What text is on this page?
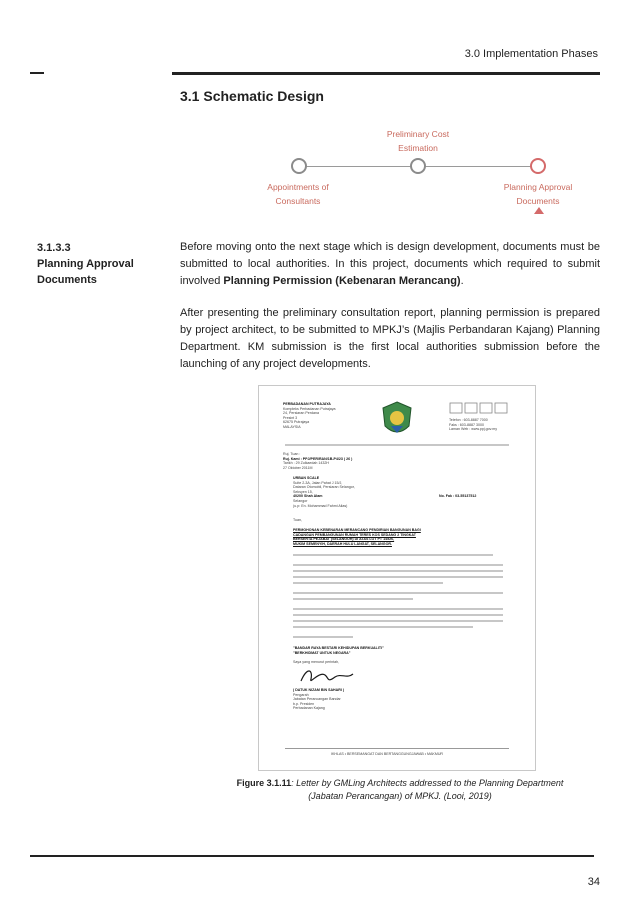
3.0 Implementation Phases
3.1 Schematic Design
Preliminary Cost
Estimation
Appointments of
Consultants
Planning Approval
Documents
3.1.3.3
Planning Approval
Documents
Before moving onto the next stage which is design development, documents must be submitted to local authorities. In this project, documents which required to submit involved Planning Permission (Kebenaran Merancang).
After presenting the preliminary consultation report, planning permission is prepared by project architect, to be submitted to MPKJ’s (Majlis Perbandaran Kajang) Planning Department. KM submission is the first local authorities submission before the launching of any project developments.
PERBADANAN PUTRAJAYA
Kompleks Perbadanan Putrajaya
24, Persiaran Perdana
Presint 3
62675 Putrajaya
MALAYSIA
Telefon : 603-8887 7000
Faks : 603-8887 3000
Laman Web : www.ppj.gov.my
Ruj. Tuan :
Ruj. Kami : PPJ/PER/RAN/1B-P4/23 ( 26 )
Tarikh : 29 Zulkaedah 1432H
27 Oktober 2011M
URBAN SCALE
Suite 2-3A, Jalan Pahat J 15/J,
Dataran Otomobil, Persiaran Selangor,
Seksyen 15,
40200 Shah Alam
Selangor
(u.p: En. Mohammad Fahmi Alias)
No. Fak : 03-55137512
Tuan,
PERMOHONAN KEBENARAN MERANCANG PENDIRIAN BANGUNAN BAGI
CADANGAN PEMBANGUNAN RUMAH TERES KOS SEDANG 2 TINGKAT
BERSERTA PEJABAT (SELANGOR) DI ATAS LOT PT 14526,
MUKIM SEMENYIH, DAERAH HULU LANGAT, SELANGOR.
"BANDAR RAYA BESTARI KEHIDUPAN BERKUALITI"
"BERKHIDMAT UNTUK NEGARA"
Saya yang menurut perintah,
( DATUK NIZAM BIN SAHARI )
Pengarah
Jabatan Perancangan Bandar
b.p. Presiden
Perbadanan Kajang
IKHLAS • BERSEMANGAT DAN BERTANGGUNGJAWAB • MAKMUR
Figure 3.1.11: Letter by GMLing Architects addressed to the Planning Department (Jabatan Perancangan) of MPKJ. (Looi, 2019)
34
